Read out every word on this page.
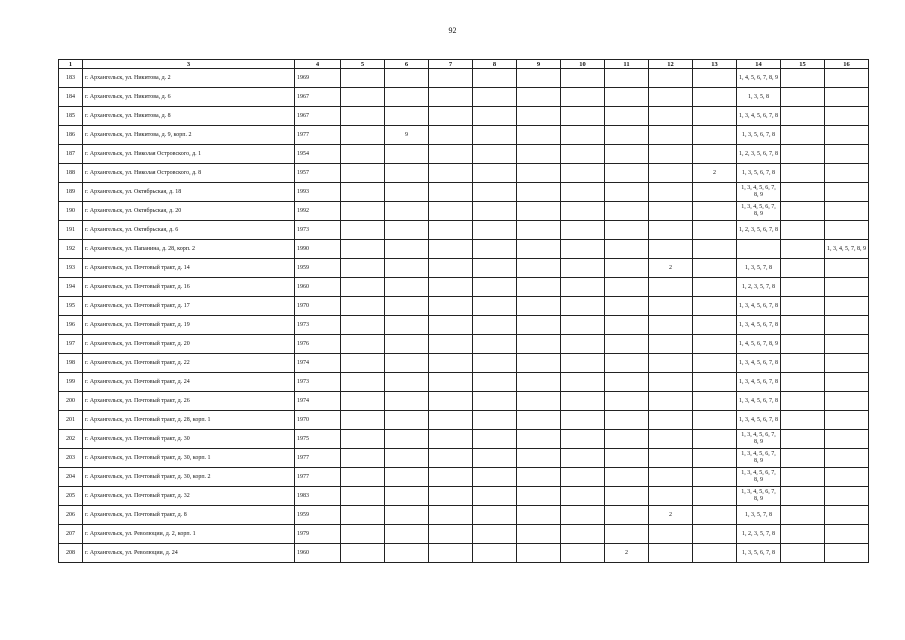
92
1	3	4	5	6	7	8	9	10	11	12	13	14	15	16
183	г. Архангельск, ул. Никитова, д. 2	1969										1, 4, 5, 6, 7, 8, 9		
184	г. Архангельск, ул. Никитова, д. 6	1967										1, 3, 5, 8		
185	г. Архангельск, ул. Никитова, д. 8	1967										1, 3, 4, 5, 6, 7, 8		
186	г. Архангельск, ул. Никитова, д. 9, корп. 2	1977		9								1, 3, 5, 6, 7, 8		
187	г. Архангельск, ул. Николая Островского, д. 1	1954										1, 2, 3, 5, 6, 7, 8		
188	г. Архангельск, ул. Николая Островского, д. 8	1957									2	1, 3, 5, 6, 7, 8		
189	г. Архангельск, ул. Октябрьская, д. 18	1993										1, 3, 4, 5, 6, 7, 8, 9		
190	г. Архангельск, ул. Октябрьская, д. 20	1992										1, 3, 4, 5, 6, 7, 8, 9		
191	г. Архангельск, ул. Октябрьская, д. 6	1973										1, 2, 3, 5, 6, 7, 8		
192	г. Архангельск, ул. Папанина, д. 28, корп. 2	1990												1, 3, 4, 5, 7, 8, 9
193	г. Архангельск, ул. Почтовый тракт, д. 14	1959								2		1, 3, 5, 7, 8		
194	г. Архангельск, ул. Почтовый тракт, д. 16	1960										1, 2, 3, 5, 7, 8		
195	г. Архангельск, ул. Почтовый тракт, д. 17	1970										1, 3, 4, 5, 6, 7, 8		
196	г. Архангельск, ул. Почтовый тракт, д. 19	1973										1, 3, 4, 5, 6, 7, 8		
197	г. Архангельск, ул. Почтовый тракт, д. 20	1976										1, 4, 5, 6, 7, 8, 9		
198	г. Архангельск, ул. Почтовый тракт, д. 22	1974										1, 3, 4, 5, 6, 7, 8		
199	г. Архангельск, ул. Почтовый тракт, д. 24	1973										1, 3, 4, 5, 6, 7, 8		
200	г. Архангельск, ул. Почтовый тракт, д. 26	1974										1, 3, 4, 5, 6, 7, 8		
201	г. Архангельск, ул. Почтовый тракт, д. 28, корп. 1	1970										1, 3, 4, 5, 6, 7, 8		
202	г. Архангельск, ул. Почтовый тракт, д. 30	1975										1, 3, 4, 5, 6, 7, 8, 9		
203	г. Архангельск, ул. Почтовый тракт, д. 30, корп. 1	1977										1, 3, 4, 5, 6, 7, 8, 9		
204	г. Архангельск, ул. Почтовый тракт, д. 30, корп. 2	1977										1, 3, 4, 5, 6, 7, 8, 9		
205	г. Архангельск, ул. Почтовый тракт, д. 32	1983										1, 3, 4, 5, 6, 7, 8, 9		
206	г. Архангельск, ул. Почтовый тракт, д. 8	1959								2		1, 3, 5, 7, 8		
207	г. Архангельск, ул. Революции, д. 2, корп. 1	1979										1, 2, 3, 5, 7, 8		
208	г. Архангельск, ул. Революции, д. 24	1960							2			1, 3, 5, 6, 7, 8		
